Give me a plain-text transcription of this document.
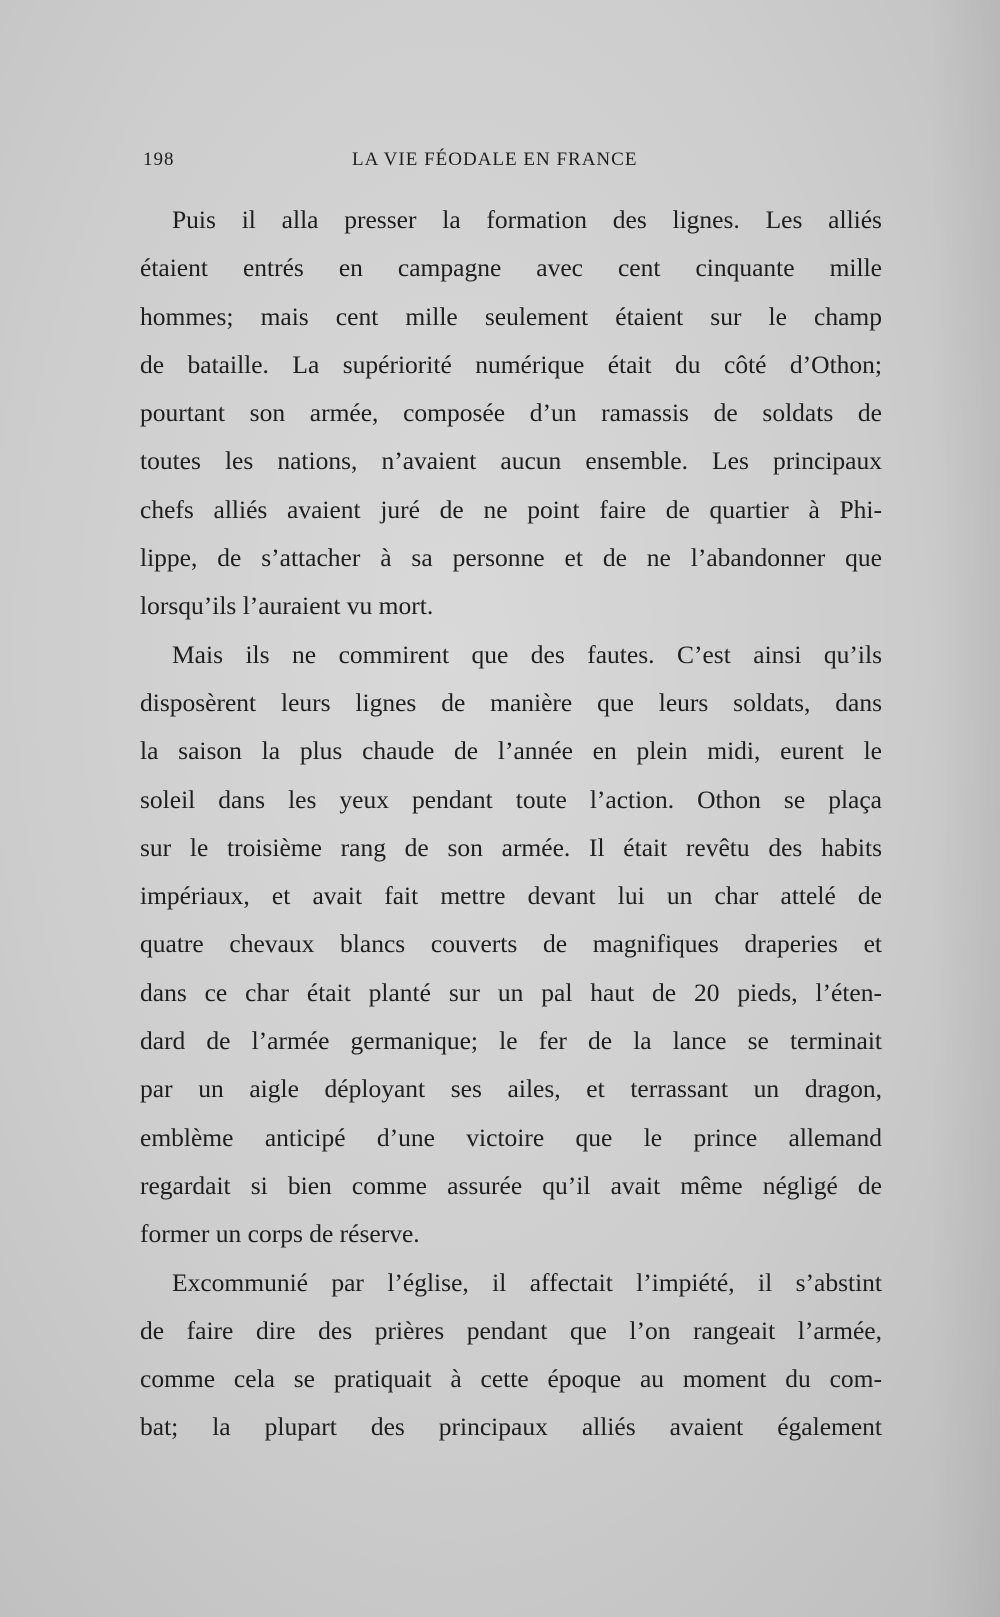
198	LA VIE FÉODALE EN FRANCE
Puis il alla presser la formation des lignes. Les alliés
étaient entrés en campagne avec cent cinquante mille
hommes; mais cent mille seulement étaient sur le champ
de bataille. La supériorité numérique était du côté d’Othon;
pourtant son armée, composée d’un ramassis de soldats de
toutes les nations, n’avaient aucun ensemble. Les principaux
chefs alliés avaient juré de ne point faire de quartier à Phi-
lippe, de s’attacher à sa personne et de ne l’abandonner que
lorsqu’ils l’auraient vu mort.
Mais ils ne commirent que des fautes. C’est ainsi qu’ils
disposèrent leurs lignes de manière que leurs soldats, dans
la saison la plus chaude de l’année en plein midi, eurent le
soleil dans les yeux pendant toute l’action. Othon se plaça
sur le troisième rang de son armée. Il était revêtu des habits
impériaux, et avait fait mettre devant lui un char attelé de
quatre chevaux blancs couverts de magnifiques draperies et
dans ce char était planté sur un pal haut de 20 pieds, l’éten-
dard de l’armée germanique; le fer de la lance se terminait
par un aigle déployant ses ailes, et terrassant un dragon,
emblème anticipé d’une victoire que le prince allemand
regardait si bien comme assurée qu’il avait même négligé de
former un corps de réserve.
Excommunié par l’église, il affectait l’impiété, il s’abstint
de faire dire des prières pendant que l’on rangeait l’armée,
comme cela se pratiquait à cette époque au moment du com-
bat; la plupart des principaux alliés avaient également
